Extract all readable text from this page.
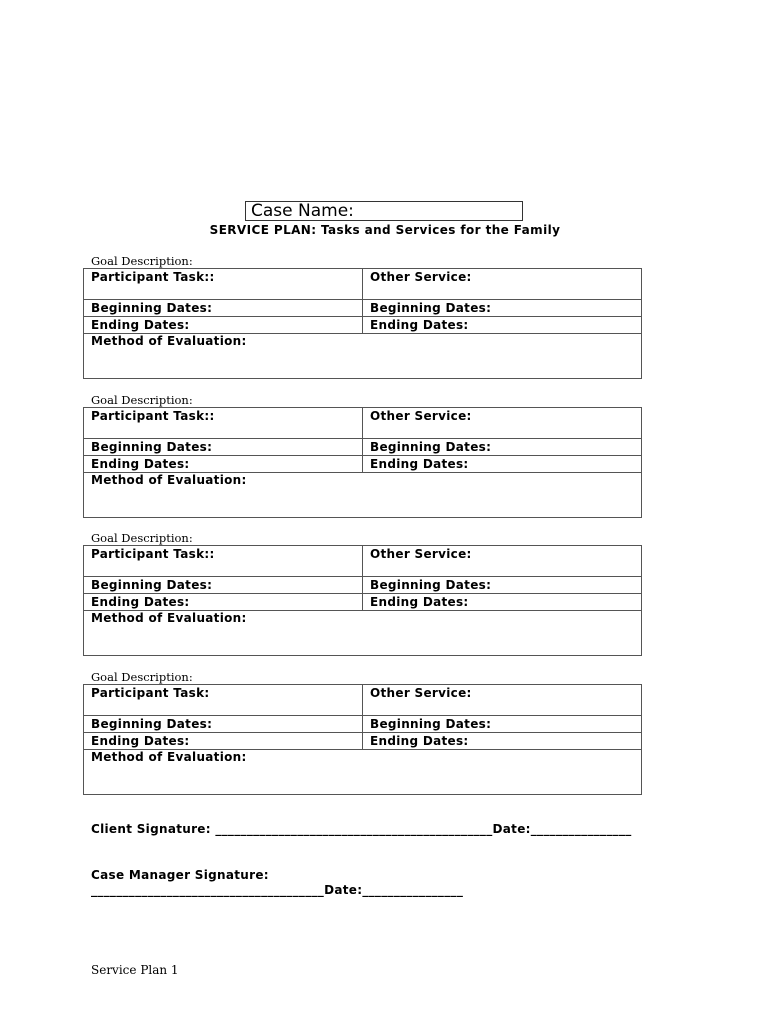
Case Name:
SERVICE PLAN: Tasks and Services for the Family
Goal Description:
Participant Task::	Other Service:
Beginning Dates:	Beginning Dates:
Ending Dates:	Ending Dates:
Method of Evaluation:	
Goal Description:
Participant Task::	Other Service:
Beginning Dates:	Beginning Dates:
Ending Dates:	Ending Dates:
Method of Evaluation:	
Goal Description:
Participant Task::	Other Service:
Beginning Dates:	Beginning Dates:
Ending Dates:	Ending Dates:
Method of Evaluation:	
Goal Description:
Participant Task:	Other Service:
Beginning Dates:	Beginning Dates:
Ending Dates:	Ending Dates:
Method of Evaluation:	
Client Signature: ____________________________________________Date:________________
Case Manager Signature:
_____________________________________Date:________________
Service Plan 1
